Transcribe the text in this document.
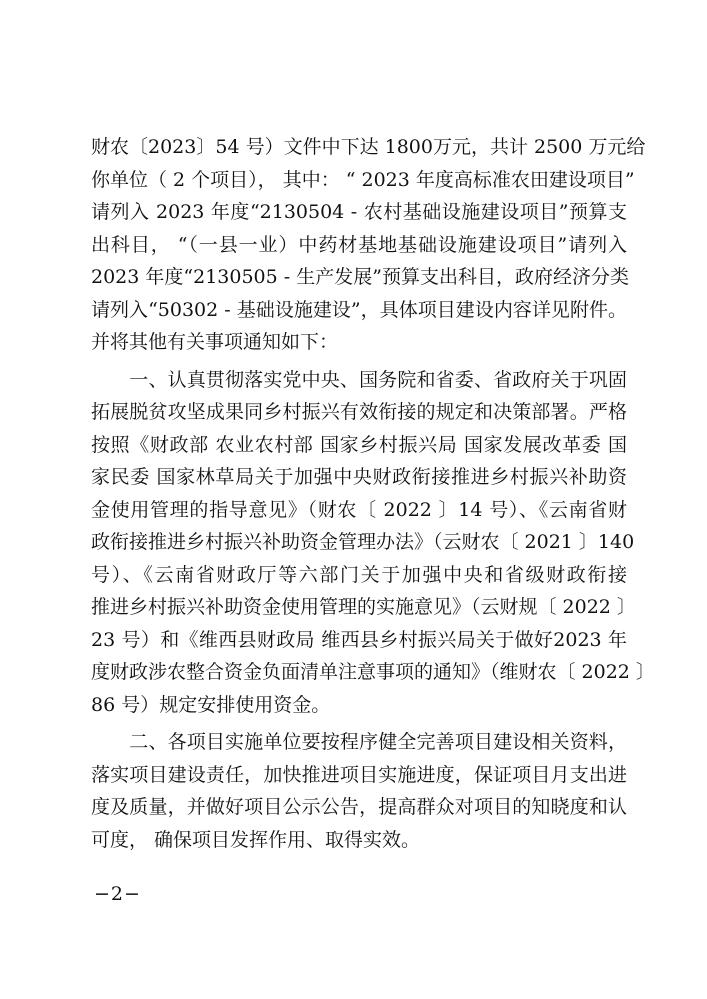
财农〔2023〕54 号）文件中下达 1800万元，共计 2500 万元给
你单位（ 2 个项目）， 其中： “ 2023 年度高标准农田建设项目”
请列入 2023 年度“2130504 - 农村基础设施建设项目”预算支
出科目， “（一县一业）中药材基地基础设施建设项目”请列入
2023 年度“2130505 - 生产发展”预算支出科目，政府经济分类
请列入“50302 - 基础设施建设”，具体项目建设内容详见附件。
并将其他有关事项通知如下：
　　一、认真贯彻落实党中央、国务院和省委、省政府关于巩固
拓展脱贫攻坚成果同乡村振兴有效衔接的规定和决策部署。严格
按照《财政部 农业农村部 国家乡村振兴局 国家发展改革委 国
家民委 国家林草局关于加强中央财政衔接推进乡村振兴补助资
金使用管理的指导意见》（财农〔 2022 〕14 号）、《云南省财
政衔接推进乡村振兴补助资金管理办法》（云财农〔 2021 〕140
号）、《云南省财政厅等六部门关于加强中央和省级财政衔接
推进乡村振兴补助资金使用管理的实施意见》（云财规〔 2022 〕
23 号）和《维西县财政局 维西县乡村振兴局关于做好2023 年
度财政涉农整合资金负面清单注意事项的通知》（维财农〔 2022 〕
86 号）规定安排使用资金。
　　二、各项目实施单位要按程序健全完善项目建设相关资料，
落实项目建设责任，加快推进项目实施进度，保证项目月支出进
度及质量，并做好项目公示公告，提高群众对项目的知晓度和认
可度， 确保项目发挥作用、取得实效。
−2−
